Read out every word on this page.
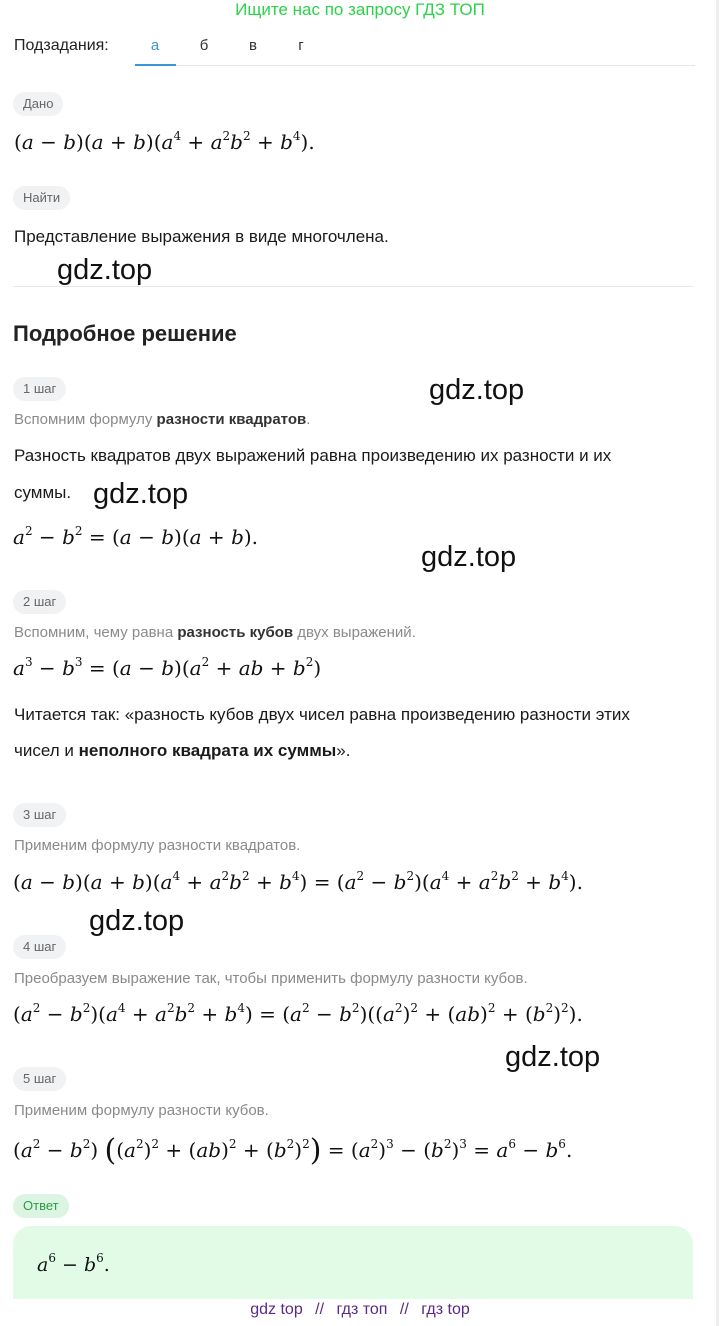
Ищите нас по запросу ГДЗ ТОП
Подзадания:	а	б	в	г
Дано
$(a - b)(a + b)(a^4 + a^2b^2 + b^4)$.
Найти
Представление выражения в виде многочлена.
gdz.top
Подробное решение
1 шаг	gdz.top
Вспомним формулу разности квадратов.
Разность квадратов двух выражений равна произведению их разности и их
суммы. gdz.top
$a^2 - b^2 = (a - b)(a + b)$.
gdz.top
2 шаг
Вспомним, чему равна разность кубов двух выражений.
$a^3 - b^3 = (a - b)(a^2$ + ab + $b^2$)
Читается так: «разность кубов двух чисел равна произведению разности этих
чисел и неполного квадрата их суммы».
3 шаг
Применим формулу разности квадратов.
$(a - b)(a + b)(a^4 + a^2b^2 + b^4) = (a^2 - b^2)(a^4 + a^2b^2 + b^4)$.
gdz.top
4 шаг
Преобразуем выражение так, чтобы применить формулу разности кубов.
$(a^2 - b^2)(a^4 + a^2b^2 + b^4) = (a^2 - b^2)((a^2)^2 + (ab)^2 + (b^2)^2)$.
gdz.top
5 шаг
Применим формулу разности кубов.
$(a^2 - b^2) ((a^2)^2 + (ab)^2 + (b^2)^2) = (a^2)^3 - (b^2)^3 = a^6 - b^6$.
Ответ
$a^6 - b^6$.
gdz top // гдз топ // гдз top
